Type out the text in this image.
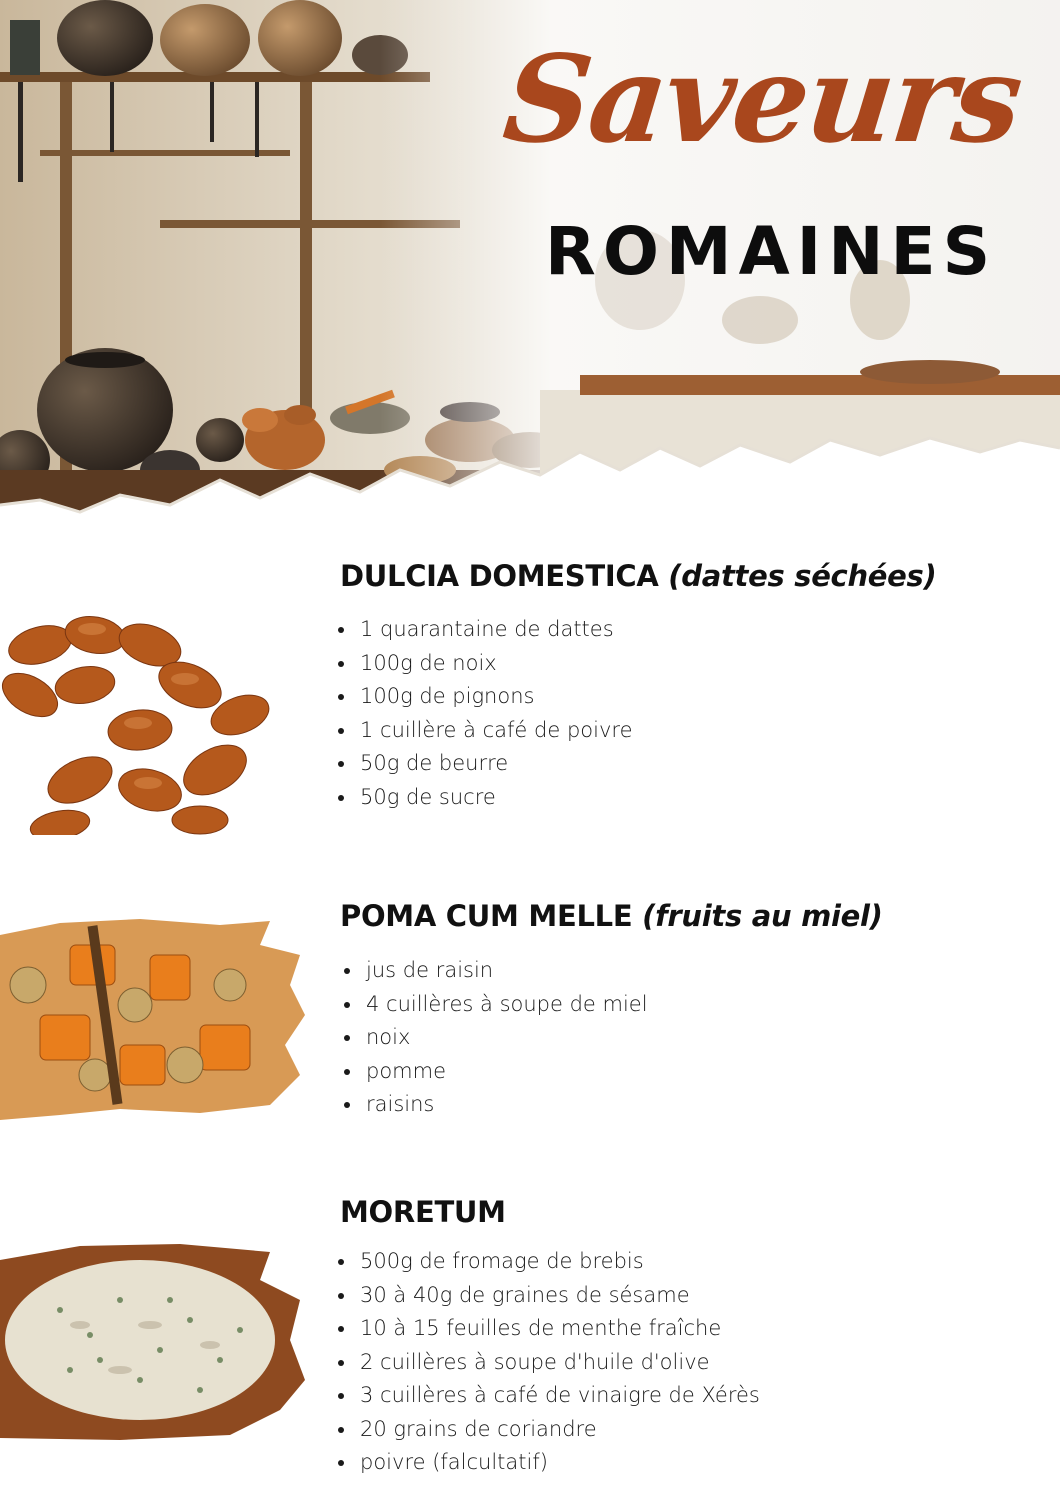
Saveurs
ROMAINES
DULCIA DOMESTICA (dattes séchées)
1 quarantaine de dattes
100g de noix
100g de pignons
1 cuillère à café de poivre
50g de beurre
50g de sucre
POMA CUM MELLE (fruits au miel)
jus de raisin
4 cuillères à soupe de miel
noix
pomme
raisins
MORETUM
500g de fromage de brebis
30 à 40g de graines de sésame
10 à 15 feuilles de menthe fraîche
2 cuillères à soupe d'huile d'olive
3 cuillères à café de vinaigre de Xérès
20 grains de coriandre
poivre (falcultatif)
